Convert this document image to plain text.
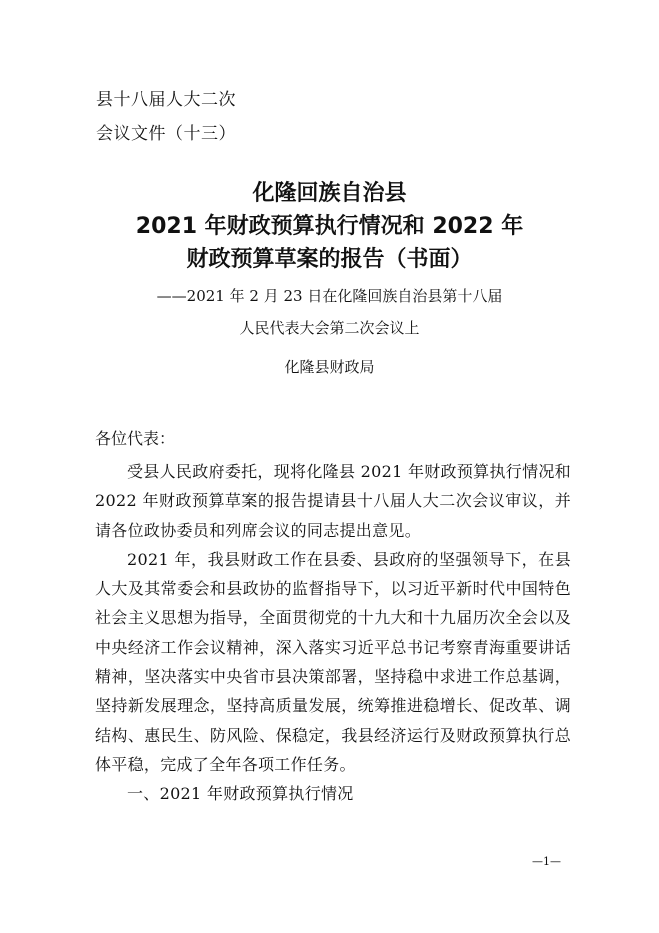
县十八届人大二次
会议文件（十三）
化隆回族自治县
2021 年财政预算执行情况和 2022 年
财政预算草案的报告（书面）
——2021 年 2 月 23 日在化隆回族自治县第十八届
人民代表大会第二次会议上
化隆县财政局
各位代表：

受县人民政府委托，现将化隆县 2021 年财政预算执行情况和 2022 年财政预算草案的报告提请县十八届人大二次会议审议，并请各位政协委员和列席会议的同志提出意见。

2021 年，我县财政工作在县委、县政府的坚强领导下，在县人大及其常委会和县政协的监督指导下，以习近平新时代中国特色社会主义思想为指导，全面贯彻党的十九大和十九届历次全会以及中央经济工作会议精神，深入落实习近平总书记考察青海重要讲话精神，坚决落实中央省市县决策部署，坚持稳中求进工作总基调，坚持新发展理念，坚持高质量发展，统筹推进稳增长、促改革、调结构、惠民生、防风险、保稳定，我县经济运行及财政预算执行总体平稳，完成了全年各项工作任务。

一、2021 年财政预算执行情况

—1—
